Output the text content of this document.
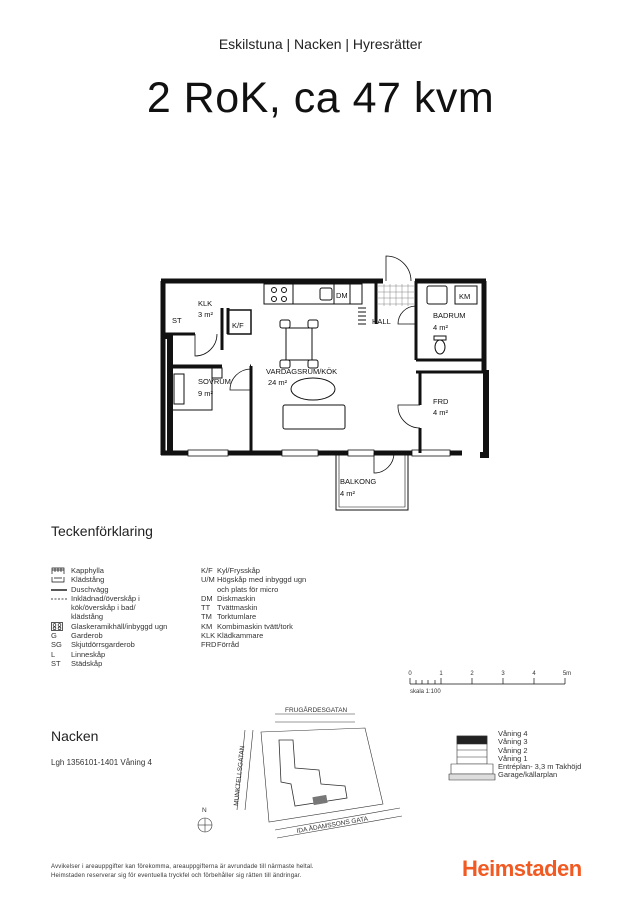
Eskilstuna | Nacken | Hyresrätter
2 RoK, ca 47 kvm
KLK
3 m²
ST
K/F
DM	KM
HALL
BADRUM
4 m²
VARDAGSRUM/KÖK
24 m²
SOVRUM
9 m²
FRD
4 m²
BALKONG
4 m²
Teckenförklaring
Kapphylla
Klädstång
Duschvägg
Inklädnad/överskåp i
kök/överskåp i bad/
klädstång
Glaskeramikhäll/inbyggd ugn
G	Garderob
SG	Skjutdörrsgarderob
L	Linneskåp
ST	Städskåp
K/F Kyl/Frysskåp
U/M Högskåp med inbyggd ugn
och plats för micro
DM Diskmaskin
TT Tvättmaskin
TM Torktumlare
KM Kombimaskin tvätt/tork
KLK Klädkammare
FRD Förråd
0	1	2	3	4	5m
skala 1:100
Nacken
Lgh 1356101-1401 Våning 4
FRUGÅRDESGATAN
MUNKTELLSGATAN
IDA ÅDAMSSONS GATA
N
Våning 4
Våning 3
Våning 2
Våning 1
Entréplan- 3,3 m Takhöjd
Garage/källarplan
Avvikelser i areauppgifter kan förekomma, areauppgifterna är avrundade till närmaste heltal.
Heimstaden reserverar sig för eventuella tryckfel och förbehåller sig rätten till ändringar.	Heimstaden
